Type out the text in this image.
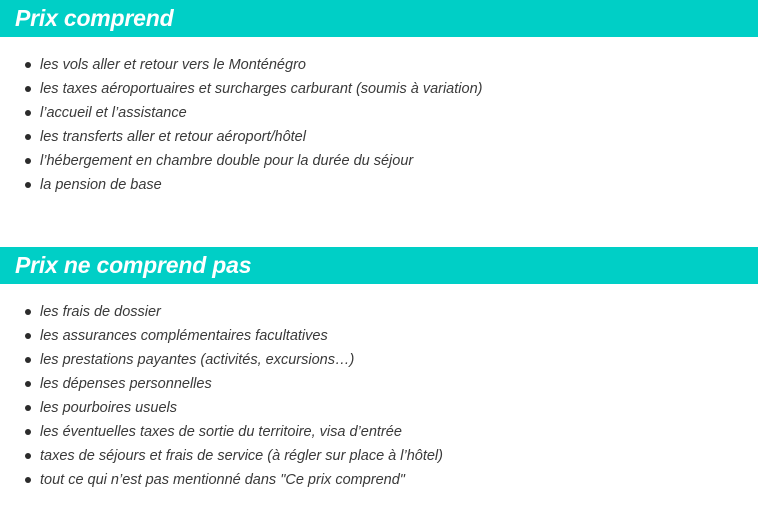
Prix comprend
les vols aller et retour vers le Monténégro
les taxes aéroportuaires et surcharges carburant (soumis à variation)
l’accueil et l’assistance
les transferts aller et retour aéroport/hôtel
l’hébergement en chambre double pour la durée du séjour
la pension de base
Prix ne comprend pas
les frais de dossier
les assurances complémentaires facultatives
les prestations payantes (activités, excursions…)
les dépenses personnelles
les pourboires usuels
les éventuelles taxes de sortie du territoire, visa d’entrée
taxes de séjours et frais de service (à régler sur place à l’hôtel)
tout ce qui n’est pas mentionné dans "Ce prix comprend"
